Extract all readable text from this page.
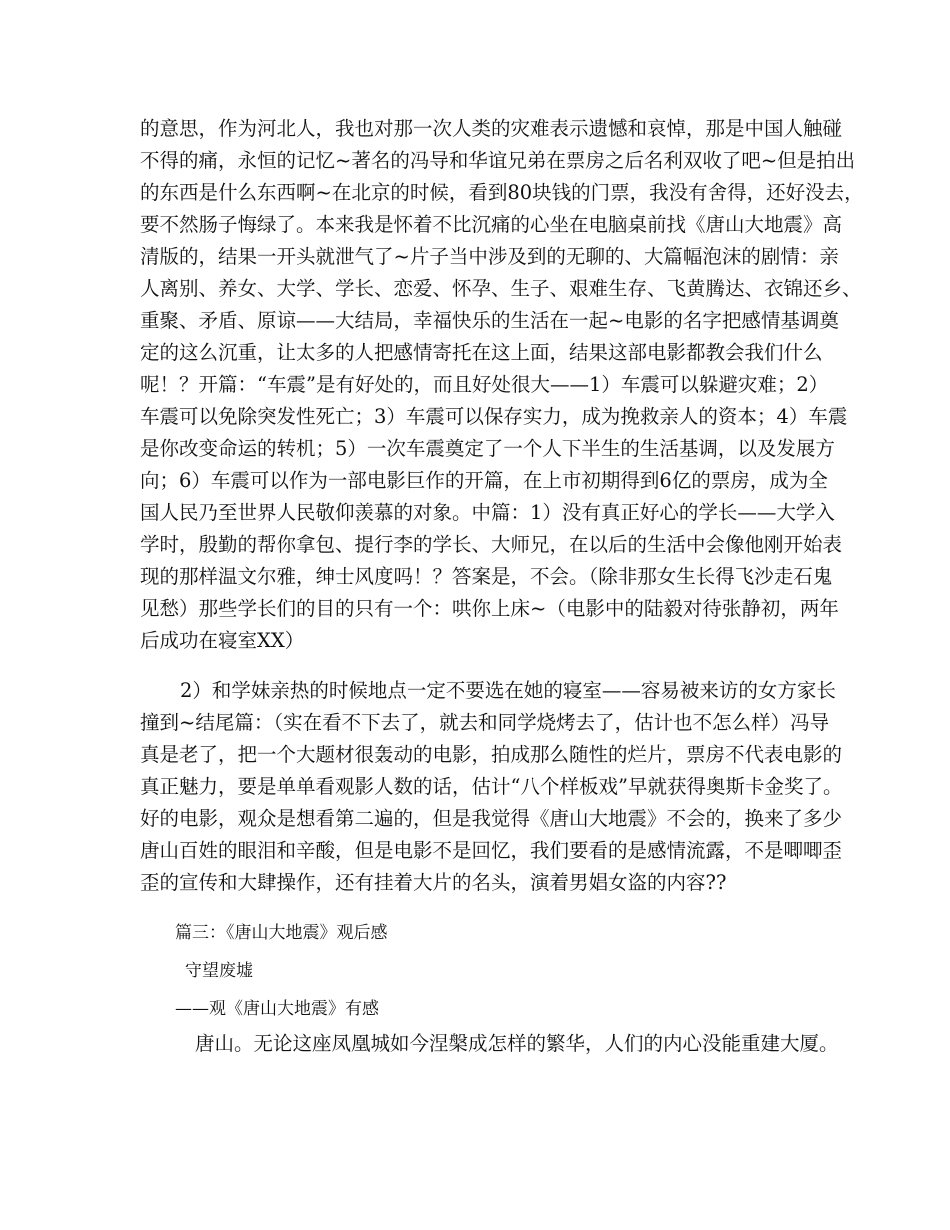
的意思，作为河北人，我也对那一次人类的灾难表示遗憾和哀悼，那是中国人触碰
不得的痛，永恒的记忆~著名的冯导和华谊兄弟在票房之后名利双收了吧~但是拍出
的东西是什么东西啊~在北京的时候，看到80块钱的门票，我没有舍得，还好没去，
要不然肠子悔绿了。本来我是怀着不比沉痛的心坐在电脑桌前找《唐山大地震》高
清版的，结果一开头就泄气了~片子当中涉及到的无聊的、大篇幅泡沫的剧情：亲
人离别、养女、大学、学长、恋爱、怀孕、生子、艰难生存、飞黄腾达、衣锦还乡、
重聚、矛盾、原谅——大结局，幸福快乐的生活在一起~电影的名字把感情基调奠
定的这么沉重，让太多的人把感情寄托在这上面，结果这部电影都教会我们什么
呢！？开篇：“车震”是有好处的，而且好处很大——1）车震可以躲避灾难；2）
车震可以免除突发性死亡；3）车震可以保存实力，成为挽救亲人的资本；4）车震
是你改变命运的转机；5）一次车震奠定了一个人下半生的生活基调，以及发展方
向；6）车震可以作为一部电影巨作的开篇，在上市初期得到6亿的票房，成为全
国人民乃至世界人民敬仰羡慕的对象。中篇：1）没有真正好心的学长——大学入
学时，殷勤的帮你拿包、提行李的学长、大师兄，在以后的生活中会像他刚开始表
现的那样温文尔雅，绅士风度吗！？答案是，不会。（除非那女生长得飞沙走石鬼
见愁）那些学长们的目的只有一个：哄你上床~（电影中的陆毅对待张静初，两年
后成功在寝室XX）
2）和学妹亲热的时候地点一定不要选在她的寝室——容易被来访的女方家长
撞到~结尾篇：（实在看不下去了，就去和同学烧烤去了，估计也不怎么样）冯导
真是老了，把一个大题材很轰动的电影，拍成那么随性的烂片，票房不代表电影的
真正魅力，要是单单看观影人数的话，估计“八个样板戏”早就获得奥斯卡金奖了。
好的电影，观众是想看第二遍的，但是我觉得《唐山大地震》不会的，换来了多少
唐山百姓的眼泪和辛酸，但是电影不是回忆，我们要看的是感情流露，不是唧唧歪
歪的宣传和大肆操作，还有挂着大片的名头，演着男娼女盗的内容??
篇三：《唐山大地震》观后感
守望废墟
——观《唐山大地震》有感
唐山。无论这座凤凰城如今涅槃成怎样的繁华，人们的内心没能重建大厦。
